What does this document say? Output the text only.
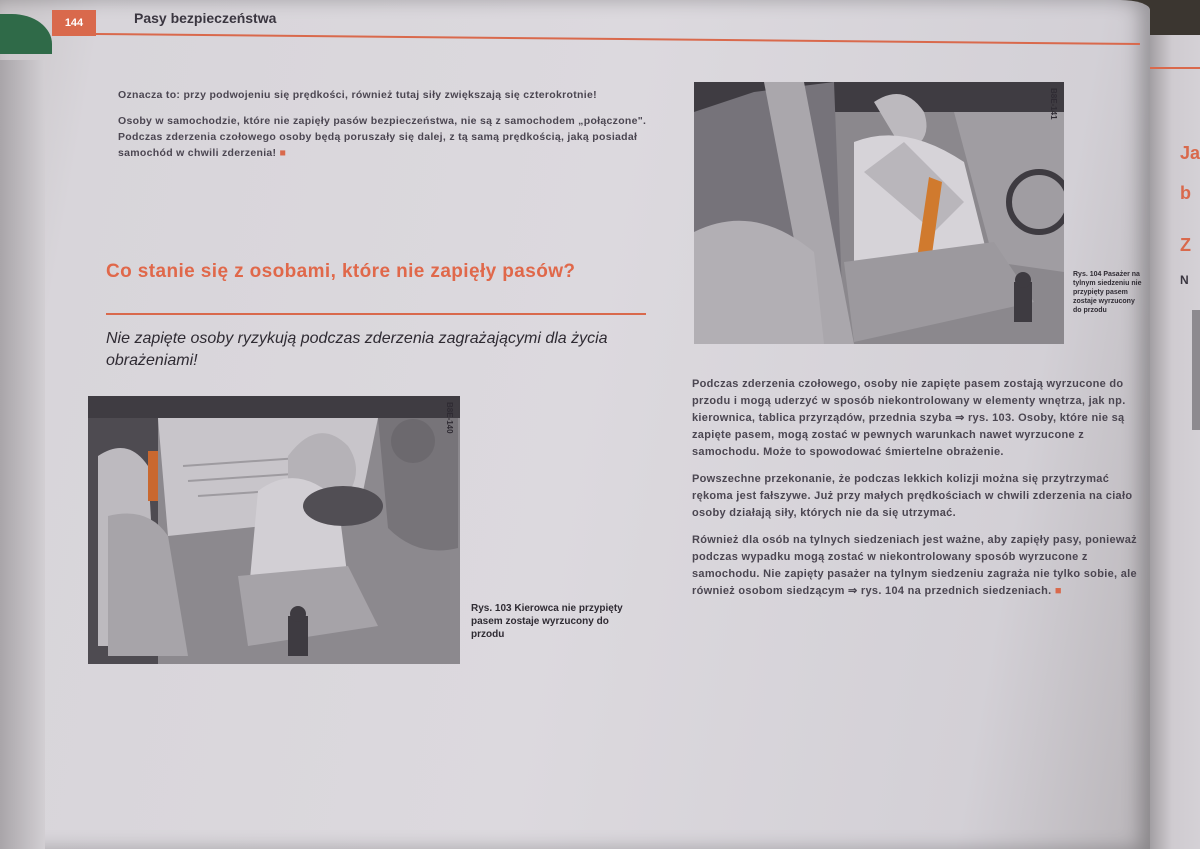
Ja
b
Z
N
144	Pasy bezpieczeństwa

Oznacza to: przy podwojeniu się prędkości, również tutaj siły zwiększają się czterokrotnie!

Osoby w samochodzie, które nie zapięły pasów bezpieczeństwa, nie są z samochodem „połączone". Podczas zderzenia czołowego osoby będą poruszały się dalej, z tą samą prędkością, jaką posiadał samochód w chwili zderzenia! ■

Co stanie się z osobami, które nie zapięły pasów?
Nie zapięte osoby ryzykują podczas zderzenia zagrażającymi dla życia obrażeniami!
B8E-140
Rys. 103 Kierowca nie przypięty pasem zostaje wyrzucony do przodu
B8E-141
Rys. 104 Pasażer na tylnym siedzeniu nie przypięty pasem zostaje wyrzucony do przodu

Podczas zderzenia czołowego, osoby nie zapięte pasem zostają wyrzucone do przodu i mogą uderzyć w sposób niekontrolowany w elementy wnętrza, jak np. kierownica, tablica przyrządów, przednia szyba ⇒ rys. 103. Osoby, które nie są zapięte pasem, mogą zostać w pewnych warunkach nawet wyrzucone z samochodu. Może to spowodować śmiertelne obrażenie.

Powszechne przekonanie, że podczas lekkich kolizji można się przytrzymać rękoma jest fałszywe. Już przy małych prędkościach w chwili zderzenia na ciało osoby działają siły, których nie da się utrzymać.

Również dla osób na tylnych siedzeniach jest ważne, aby zapięły pasy, ponieważ podczas wypadku mogą zostać w niekontrolowany sposób wyrzucone z samochodu. Nie zapięty pasażer na tylnym siedzeniu zagraża nie tylko sobie, ale również osobom siedzącym ⇒ rys. 104 na przednich siedzeniach. ■
